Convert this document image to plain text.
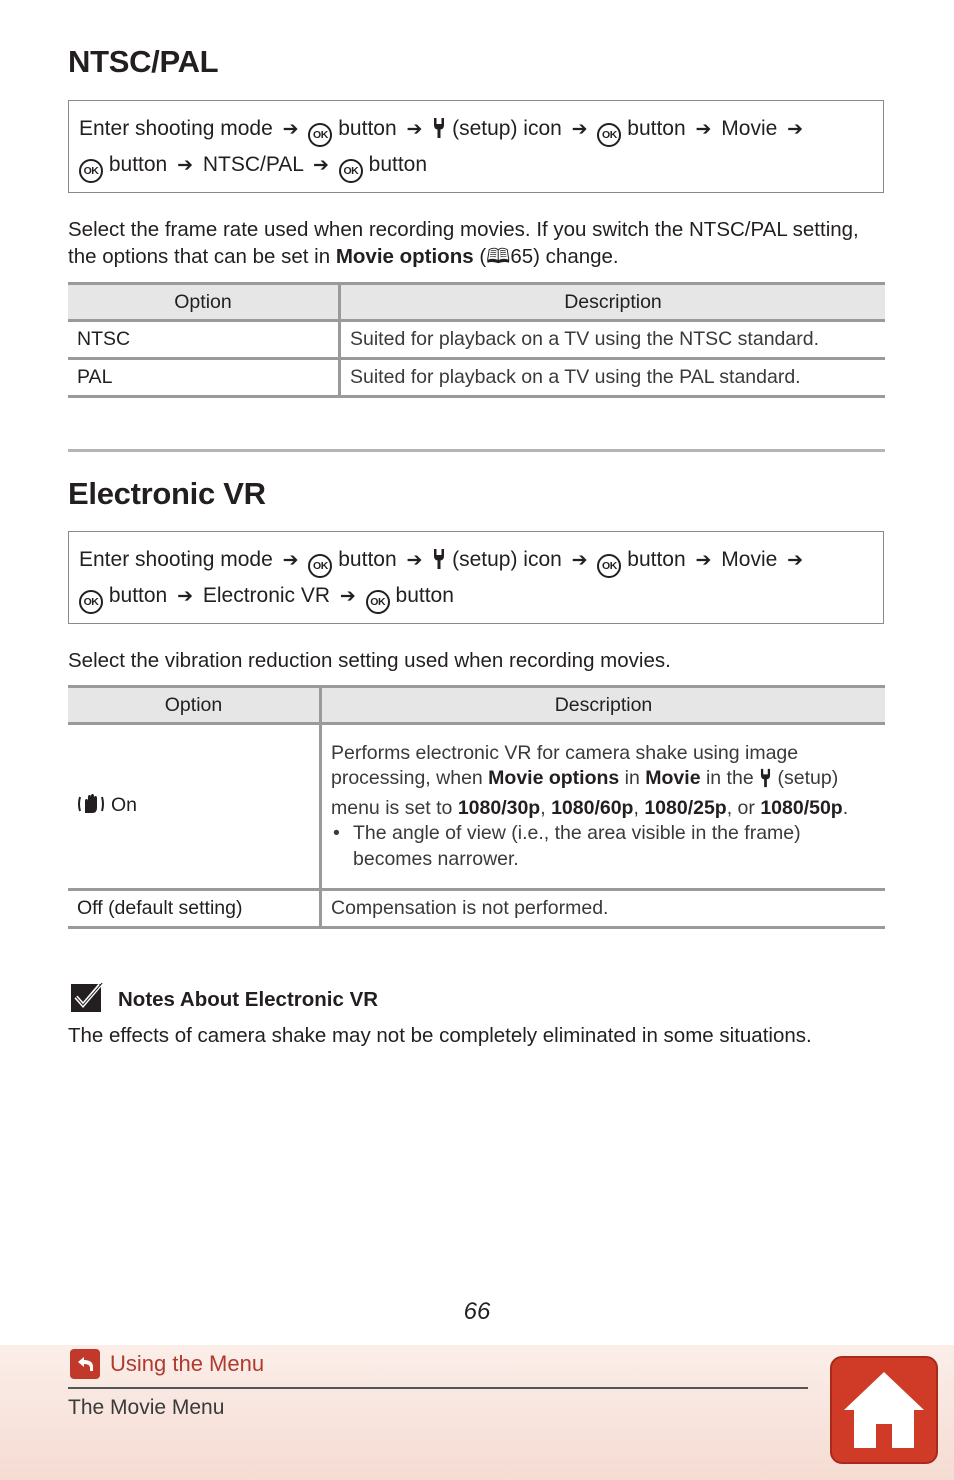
NTSC/PAL
Enter shooting mode ➔ OK button ➔ (setup) icon ➔ OK button ➔ Movie ➔
OK button ➔ NTSC/PAL ➔ OK button

Select the frame rate used when recording movies. If you switch the NTSC/PAL setting, the options that can be set in Movie options (🕮65) change.

Option	Description
NTSC	Suited for playback on a TV using the NTSC standard.
PAL	Suited for playback on a TV using the PAL standard.
Electronic VR
Enter shooting mode ➔ OK button ➔ (setup) icon ➔ OK button ➔ Movie ➔
OK button ➔ Electronic VR ➔ OK button

Select the vibration reduction setting used when recording movies.

Option	Description
On	Performs electronic VR for camera shake using image processing, when Movie options in Movie in the  (setup) menu is set to 1080/30p, 1080/60p, 1080/25p, or 1080/50p.
• The angle of view (i.e., the area visible in the frame) becomes narrower.

Off (default setting)	Compensation is not performed.
Notes About Electronic VR

The effects of camera shake may not be completely eliminated in some situations.

66
Using the Menu
The Movie Menu
